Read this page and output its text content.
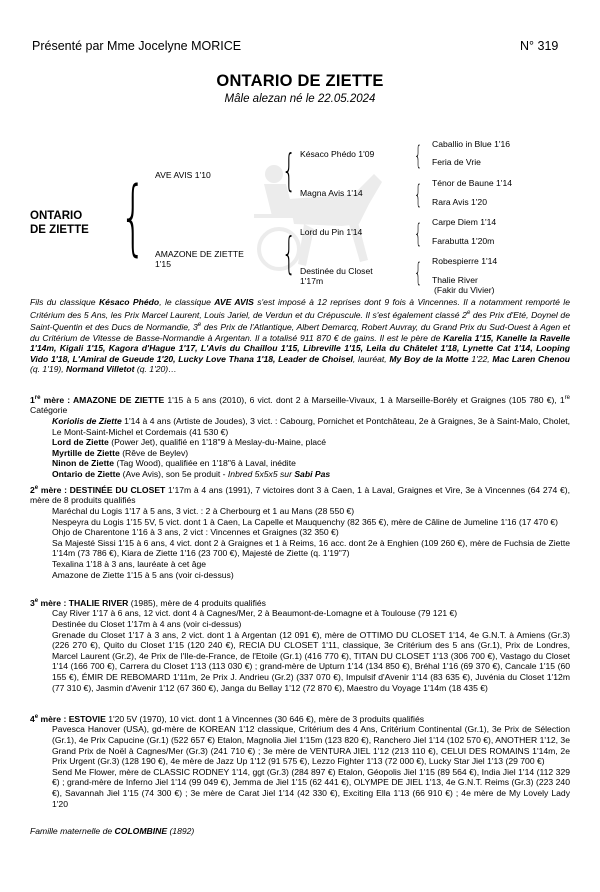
Présenté par Mme Jocelyne MORICE	N° 319
ONTARIO DE ZIETTE
Mâle alezan né le 22.05.2024
ONTARIO
DE ZIETTE { AVE AVIS 1'10
AMAZONE DE ZIETTE
1'15
{
{
Késaco Phédo 1'09
Magna Avis 1'14
Lord du Pin 1'14
Destinée du Closet
1'17m
{
{
{
{
Caballio in Blue 1'16
Feria de Vrie
Ténor de Baune 1'14
Rara Avis 1'20
Carpe Diem 1'14
Farabutta 1'20m
Robespierre 1'14
Thalie River
(Fakir du Vivier)
Fils du classique Késaco Phédo, le classique AVE AVIS s'est imposé à 12 reprises dont 9 fois à Vincennes. Il a notamment remporté le Critérium des 5 Ans, les Prix Marcel Laurent, Louis Jariel, de Verdun et du Crépuscule. Il s'est également classé 2e des Prix d'Eté, Doynel de Saint-Quentin et des Ducs de Normandie, 3e des Prix de l'Atlantique, Albert Demarcq, Robert Auvray, du Grand Prix du Sud-Ouest à Agen et du Critérium de Vitesse de Basse-Normandie à Argentan. Il a totalisé 911 870 € de gains. Il est le père de Karelia 1'15, Kanelle la Ravelle 1'14m, Kigali 1'15, Kagora d'Hague 1'17, L'Avis du Chaillou 1'15, Libreville 1'15, Leila du Châtelet 1'18, Lynette Cat 1'14, Looping Vido 1'18, L'Amiral de Gueude 1'20, Lucky Love Thana 1'18, Leader de Choisel, lauréat, My Boy de la Motte 1'22, Mac Laren Chenou (q. 1'19), Normand Villetot (q. 1'20)…
1re mère : AMAZONE DE ZIETTE 1'15 à 5 ans (2010), 6 vict. dont 2 à Marseille-Vivaux, 1 à Marseille-Borély et Graignes (105 780 €), 1re Catégorie
Koriolis de Ziette 1'14 à 4 ans (Artiste de Joudes), 3 vict. : Cabourg, Pornichet et Pontchâteau, 2e à Graignes, 3e à Saint-Malo, Cholet, Le Mont-Saint-Michel et Cordemais (41 530 €)
Lord de Ziette (Power Jet), qualifié en 1'18"9 à Meslay-du-Maine, placé
Myrtille de Ziette (Rêve de Beylev)
Ninon de Ziette (Tag Wood), qualifiée en 1'18"6 à Laval, inédite
Ontario de Ziette (Ave Avis), son 5e produit - Inbred 5x5x5 sur Sabi Pas
2e mère : DESTINÉE DU CLOSET 1'17m à 4 ans (1991), 7 victoires dont 3 à Caen, 1 à Laval, Graignes et Vire, 3e à Vincennes (64 274 €), mère de 8 produits qualifiés
Maréchal du Logis 1'17 à 5 ans, 3 vict. : 2 à Cherbourg et 1 au Mans (28 550 €)
Nespeyra du Logis 1'15 5V, 5 vict. dont 1 à Caen, La Capelle et Mauquenchy (82 365 €), mère de Câline de Jumeline 1'16 (17 470 €)
Ohjo de Charentone 1'16 à 3 ans, 2 vict : Vincennes et Graignes (32 350 €)
Sa Majesté Sissi 1'15 à 6 ans, 4 vict. dont 2 à Graignes et 1 à Reims, 16 acc. dont 2e à Enghien (109 260 €), mère de Fuchsia de Ziette 1'14m (73 786 €), Kiara de Ziette 1'16 (23 700 €), Majesté de Ziette (q. 1'19"7)
Texalina 1'18 à 3 ans, lauréate à cet âge
Amazone de Ziette 1'15 à 5 ans (voir ci-dessus)
3e mère : THALIE RIVER (1985), mère de 4 produits qualifiés
Cay River 1'17 à 6 ans, 12 vict. dont 4 à Cagnes/Mer, 2 à Beaumont-de-Lomagne et à Toulouse (79 121 €)
Destinée du Closet 1'17m à 4 ans (voir ci-dessus)
Grenade du Closet 1'17 à 3 ans, 2 vict. dont 1 à Argentan (12 091 €), mère de OTTIMO DU CLOSET 1'14, 4e G.N.T. à Amiens (Gr.3) (226 270 €), Quito du Closet 1'15 (120 240 €), RECIA DU CLOSET 1'11, classique, 3e Critérium des 5 ans (Gr.1), Prix de Londres, Marcel Laurent (Gr.2), 4e Prix de l'Ile-de-France, de l'Etoile (Gr.1) (416 770 €), TITAN DU CLOSET 1'13 (306 700 €), Vastago du Closet 1'14 (166 700 €), Carrera du Closet 1'13 (113 030 €) ; grand-mère de Upturn 1'14 (134 850 €), Bréhal 1'16 (69 370 €), Cancale 1'15 (60 155 €), ÉMIR DE REBOMARD 1'11m, 2e Prix J. Andrieu (Gr.2) (337 070 €), Impulsif d'Avenir 1'14 (83 635 €), Juvénia du Closet 1'12m (77 310 €), Jasmin d'Avenir 1'12 (67 360 €), Janga du Bellay 1'12 (72 870 €), Maestro du Voyage 1'14m (18 435 €)
4e mère : ESTOVIE 1'20 5V (1970), 10 vict. dont 1 à Vincennes (30 646 €), mère de 3 produits qualifiés
Pavesca Hanover (USA), gd-mère de KOREAN 1'12 classique, Critérium des 4 Ans, Critérium Continental (Gr.1), 3e Prix de Sélection (Gr.1), 4e Prix Capucine (Gr.1) (522 657 €) Etalon, Magnolia Jiel 1'15m (123 820 €), Ranchero Jiel 1'14 (102 570 €), ANOTHER 1'12, 3e Grand Prix de Noël à Cagnes/Mer (Gr.3) (241 710 €) ; 3e mère de VENTURA JIEL 1'12 (213 110 €), CELUI DES ROMAINS 1'14m, 2e Prix Urgent (Gr.3) (128 190 €), 4e mère de Jazz Up 1'12 (91 575 €), Lezzo Fighter 1'13 (72 000 €), Lucky Star Jiel 1'13 (29 700 €)
Send Me Flower, mère de CLASSIC RODNEY 1'14, ggt (Gr.3) (284 897 €) Etalon, Géopolis Jiel 1'15 (89 564 €), India Jiel 1'14 (112 329 €) ; grand-mère de Inferno Jiel 1'14 (99 049 €), Jemma de Jiel 1'15 (62 441 €), OLYMPE DE JIEL 1'13, 4e G.N.T. Reims (Gr.3) (223 240 €), Savannah Jiel 1'15 (74 300 €) ; 3e mère de Carat Jiel 1'14 (42 330 €), Exciting Ella 1'13 (66 910 €) ; 4e mère de My Lovely Lady 1'20
Famille maternelle de COLOMBINE (1892)
